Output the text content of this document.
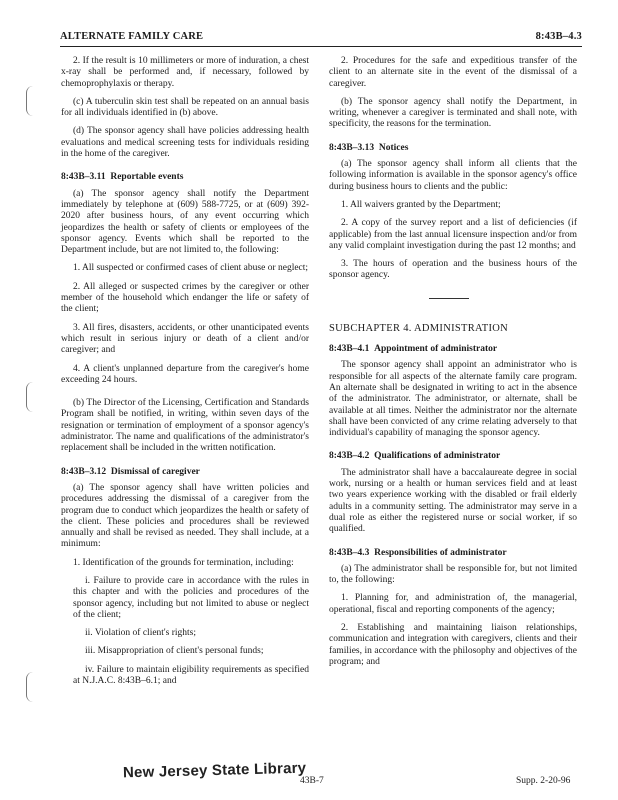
ALTERNATE FAMILY CARE	8:43B–4.3

2. If the result is 10 millimeters or more of induration, a chest x-ray shall be performed and, if necessary, followed by chemoprophylaxis or therapy.

(c) A tuberculin skin test shall be repeated on an annual basis for all individuals identified in (b) above.

(d) The sponsor agency shall have policies addressing health evaluations and medical screening tests for individuals residing in the home of the caregiver.

8:43B–3.11 Reportable events

(a) The sponsor agency shall notify the Department immediately by telephone at (609) 588-7725, or at (609) 392-2020 after business hours, of any event occurring which jeopardizes the health or safety of clients or employees of the sponsor agency. Events which shall be reported to the Department include, but are not limited to, the following:

1. All suspected or confirmed cases of client abuse or neglect;

2. All alleged or suspected crimes by the caregiver or other member of the household which endanger the life or safety of the client;

3. All fires, disasters, accidents, or other unanticipated events which result in serious injury or death of a client and/or caregiver; and

4. A client's unplanned departure from the caregiver's home exceeding 24 hours.

(b) The Director of the Licensing, Certification and Standards Program shall be notified, in writing, within seven days of the resignation or termination of employment of a sponsor agency's administrator. The name and qualifications of the administrator's replacement shall be included in the written notification.

8:43B–3.12 Dismissal of caregiver

(a) The sponsor agency shall have written policies and procedures addressing the dismissal of a caregiver from the program due to conduct which jeopardizes the health or safety of the client. These policies and procedures shall be reviewed annually and shall be revised as needed. They shall include, at a minimum:

1. Identification of the grounds for termination, including:

i. Failure to provide care in accordance with the rules in this chapter and with the policies and procedures of the sponsor agency, including but not limited to abuse or neglect of the client;

ii. Violation of client's rights;

iii. Misappropriation of client's personal funds;

iv. Failure to maintain eligibility requirements as specified at N.J.A.C. 8:43B–6.1; and

2. Procedures for the safe and expeditious transfer of the client to an alternate site in the event of the dismissal of a caregiver.

(b) The sponsor agency shall notify the Department, in writing, whenever a caregiver is terminated and shall note, with specificity, the reasons for the termination.

8:43B–3.13 Notices

(a) The sponsor agency shall inform all clients that the following information is available in the sponsor agency's office during business hours to clients and the public:

1. All waivers granted by the Department;

2. A copy of the survey report and a list of deficiencies (if applicable) from the last annual licensure inspection and/or from any valid complaint investigation during the past 12 months; and

3. The hours of operation and the business hours of the sponsor agency.

SUBCHAPTER 4. ADMINISTRATION

8:43B–4.1 Appointment of administrator

The sponsor agency shall appoint an administrator who is responsible for all aspects of the alternate family care program. An alternate shall be designated in writing to act in the absence of the administrator. The administrator, or alternate, shall be available at all times. Neither the administrator nor the alternate shall have been convicted of any crime relating adversely to that individual's capability of managing the sponsor agency.

8:43B–4.2 Qualifications of administrator

The administrator shall have a baccalaureate degree in social work, nursing or a health or human services field and at least two years experience working with the disabled or frail elderly adults in a community setting. The administrator may serve in a dual role as either the registered nurse or social worker, if so qualified.

8:43B–4.3 Responsibilities of administrator

(a) The administrator shall be responsible for, but not limited to, the following:

1. Planning for, and administration of, the managerial, operational, fiscal and reporting components of the agency;

2. Establishing and maintaining liaison relationships, communication and integration with caregivers, clients and their families, in accordance with the philosophy and objectives of the program; and

43B-7	Supp. 2-20-96
New Jersey State Library
